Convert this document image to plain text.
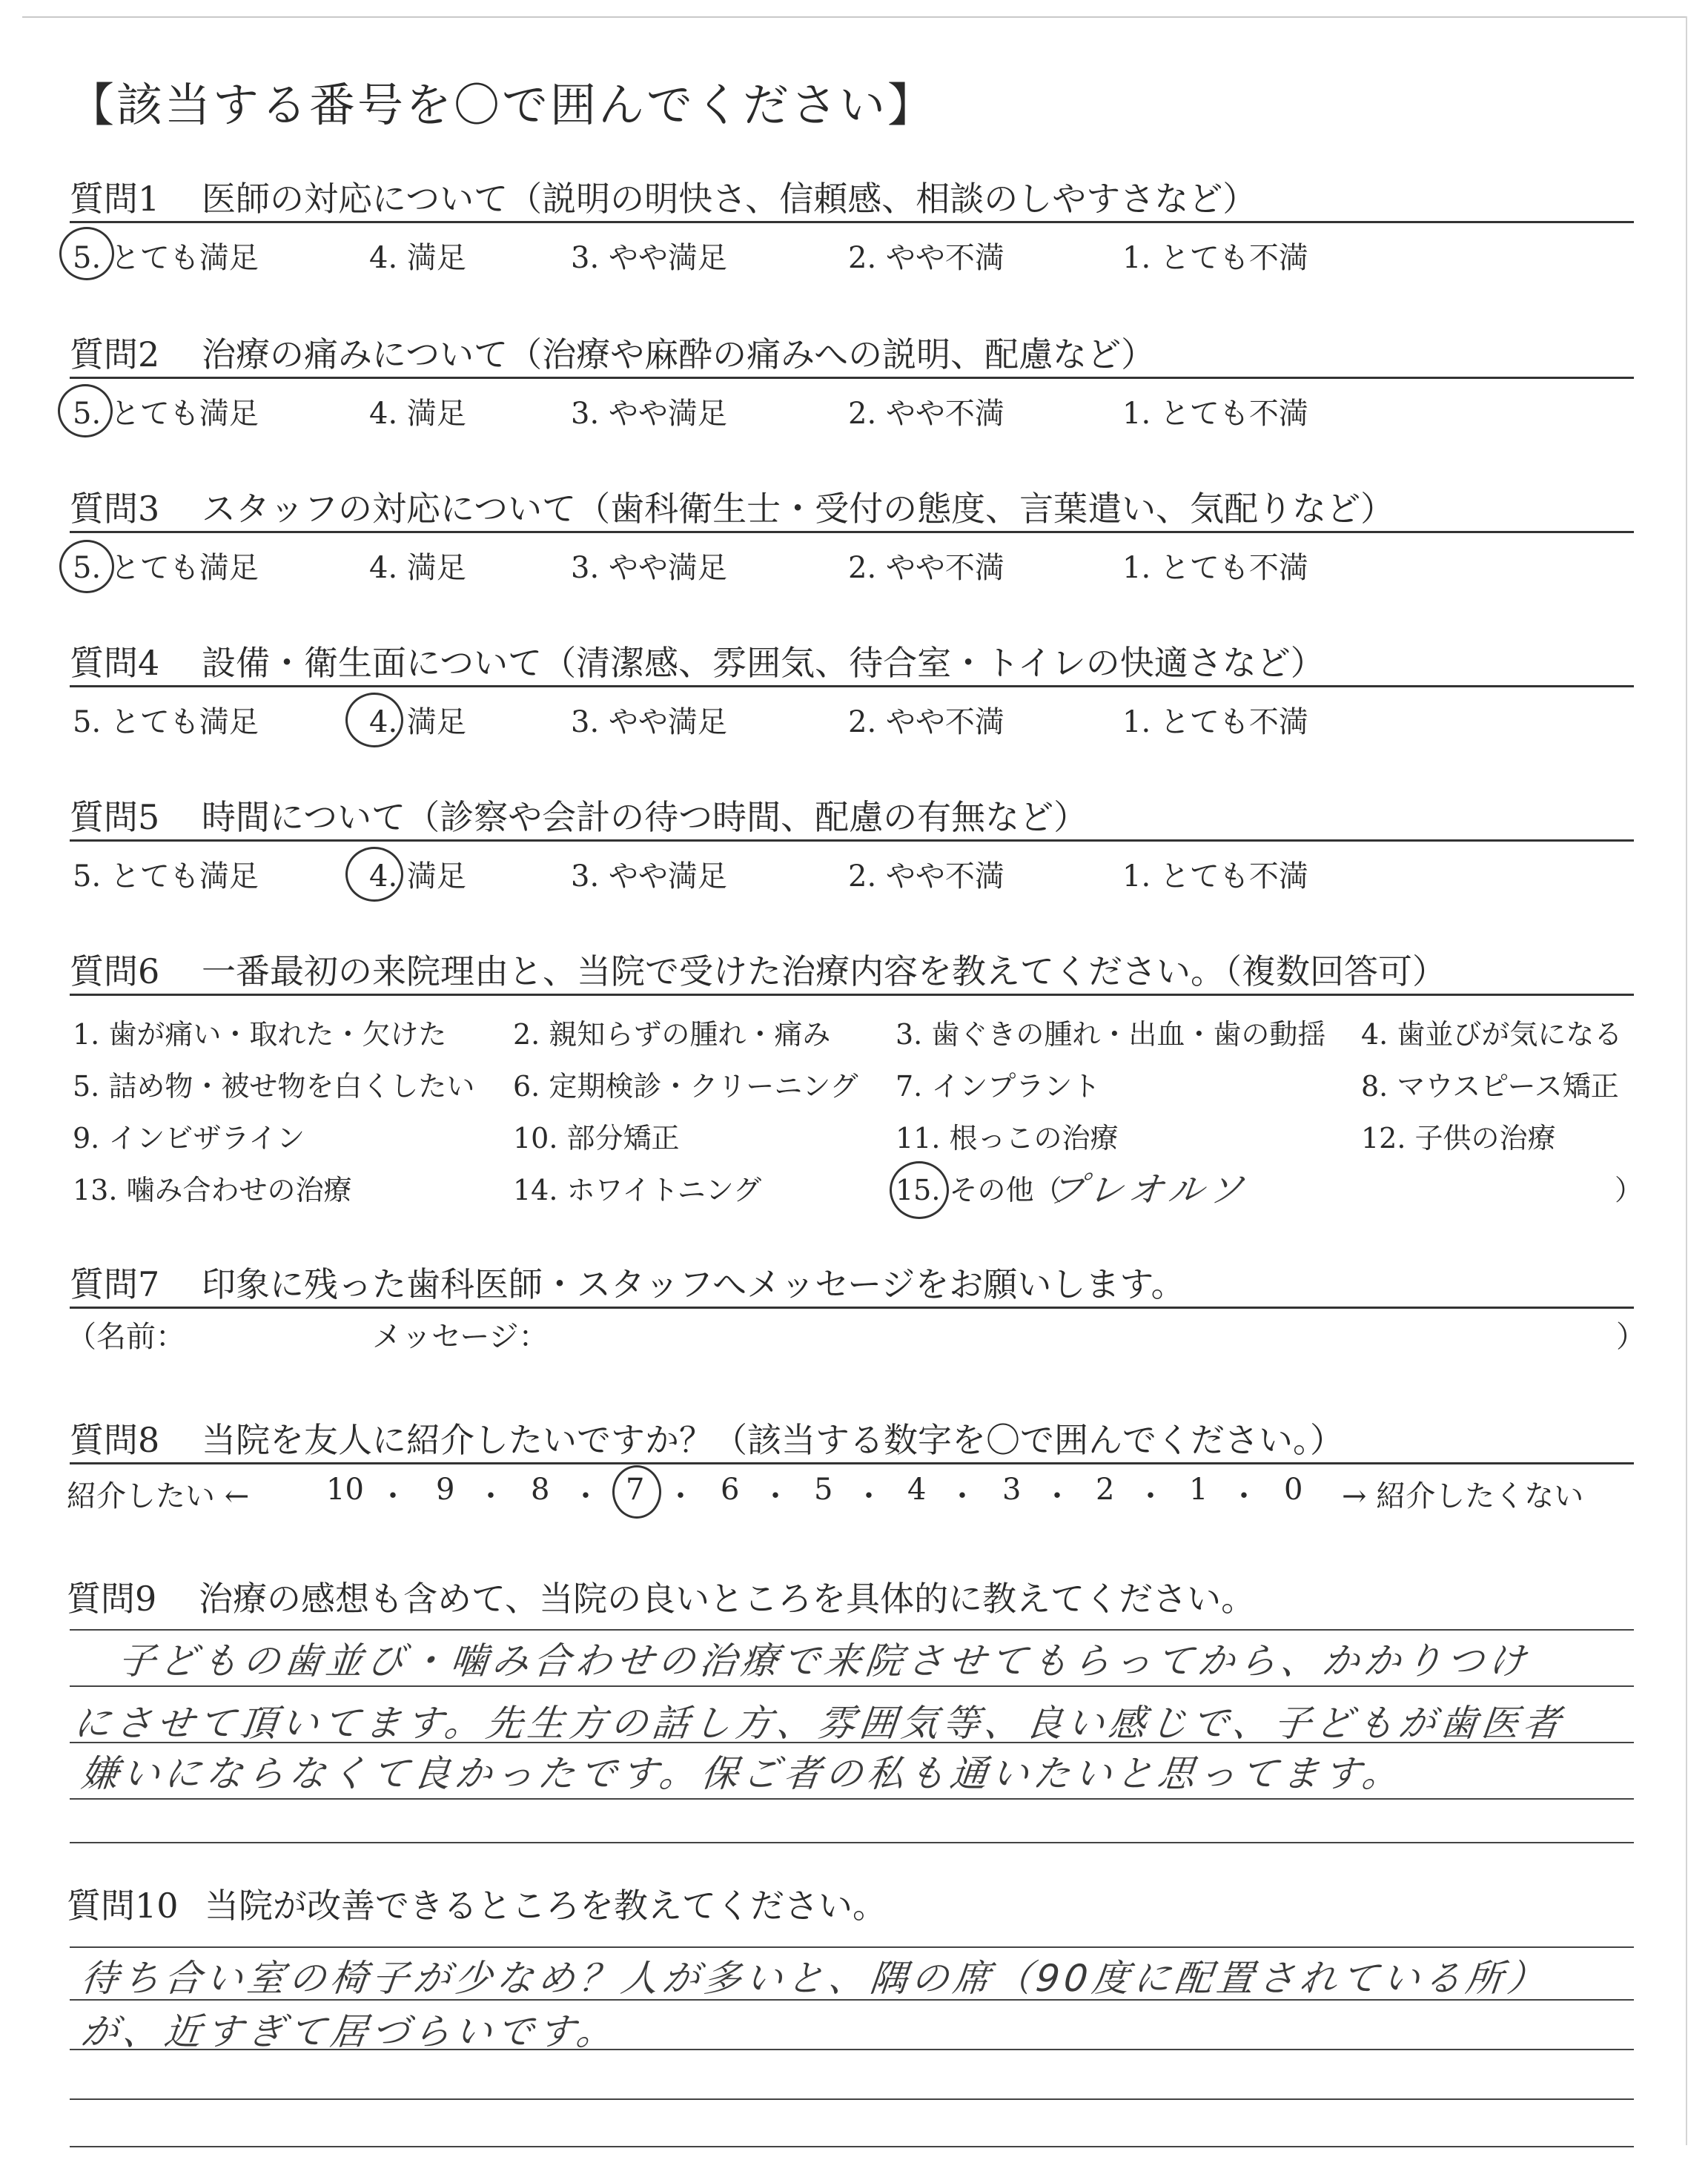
【該当する番号を〇で囲んでください】
質問1 医師の対応について（説明の明快さ、信頼感、相談のしやすさなど）
5. とても満足	4. 満足	3. やや満足	2. やや不満	1. とても不満
質問2 治療の痛みについて（治療や麻酔の痛みへの説明、配慮など）
5. とても満足	4. 満足	3. やや満足	2. やや不満	1. とても不満
質問3 スタッフの対応について（歯科衛生士・受付の態度、言葉遣い、気配りなど）
5. とても満足	4. 満足	3. やや満足	2. やや不満	1. とても不満
質問4 設備・衛生面について（清潔感、雰囲気、待合室・トイレの快適さなど）
5. とても満足	4. 満足	3. やや満足	2. やや不満	1. とても不満
質問5 時間について（診察や会計の待つ時間、配慮の有無など）
5. とても満足	4. 満足	3. やや満足	2. やや不満	1. とても不満
質問6 一番最初の来院理由と、当院で受けた治療内容を教えてください。（複数回答可）
1. 歯が痛い・取れた・欠けた 2. 親知らずの腫れ・痛み 3. 歯ぐきの腫れ・出血・歯の動揺 4. 歯並びが気になる
5. 詰め物・被せ物を白くしたい 6. 定期検診・クリーニング 7. インプラント	8. マウスピース矯正
9. インビザライン	10. 部分矯正	11. 根っこの治療	12. 子供の治療
13. 噛み合わせの治療	14. ホワイトニング	15. その他（	）
プレオルソ
質問7 印象に残った歯科医師・スタッフへメッセージをお願いします。
（名前：	メッセージ：	）
質問8 当院を友人に紹介したいですか？（該当する数字を〇で囲んでください。）
紹介したい ←	10 ・ 9 ・ 8 ・ 7 ・ 6 ・ 5 ・ 4 ・ 3 ・ 2 ・ 1 ・ 0 → 紹介したくない
質問9 治療の感想も含めて、当院の良いところを具体的に教えてください。
子どもの歯並び・噛み合わせの治療で来院させてもらってから、かかりつけ
にさせて頂いてます。先生方の話し方、雰囲気等、良い感じで、子どもが歯医者
嫌いにならなくて良かったです。保ご者の私も通いたいと思ってます。
質問10 当院が改善できるところを教えてください。
待ち合い室の椅子が少なめ？人が多いと、隅の席（90度に配置されている所）
が、近すぎて居づらいです。
